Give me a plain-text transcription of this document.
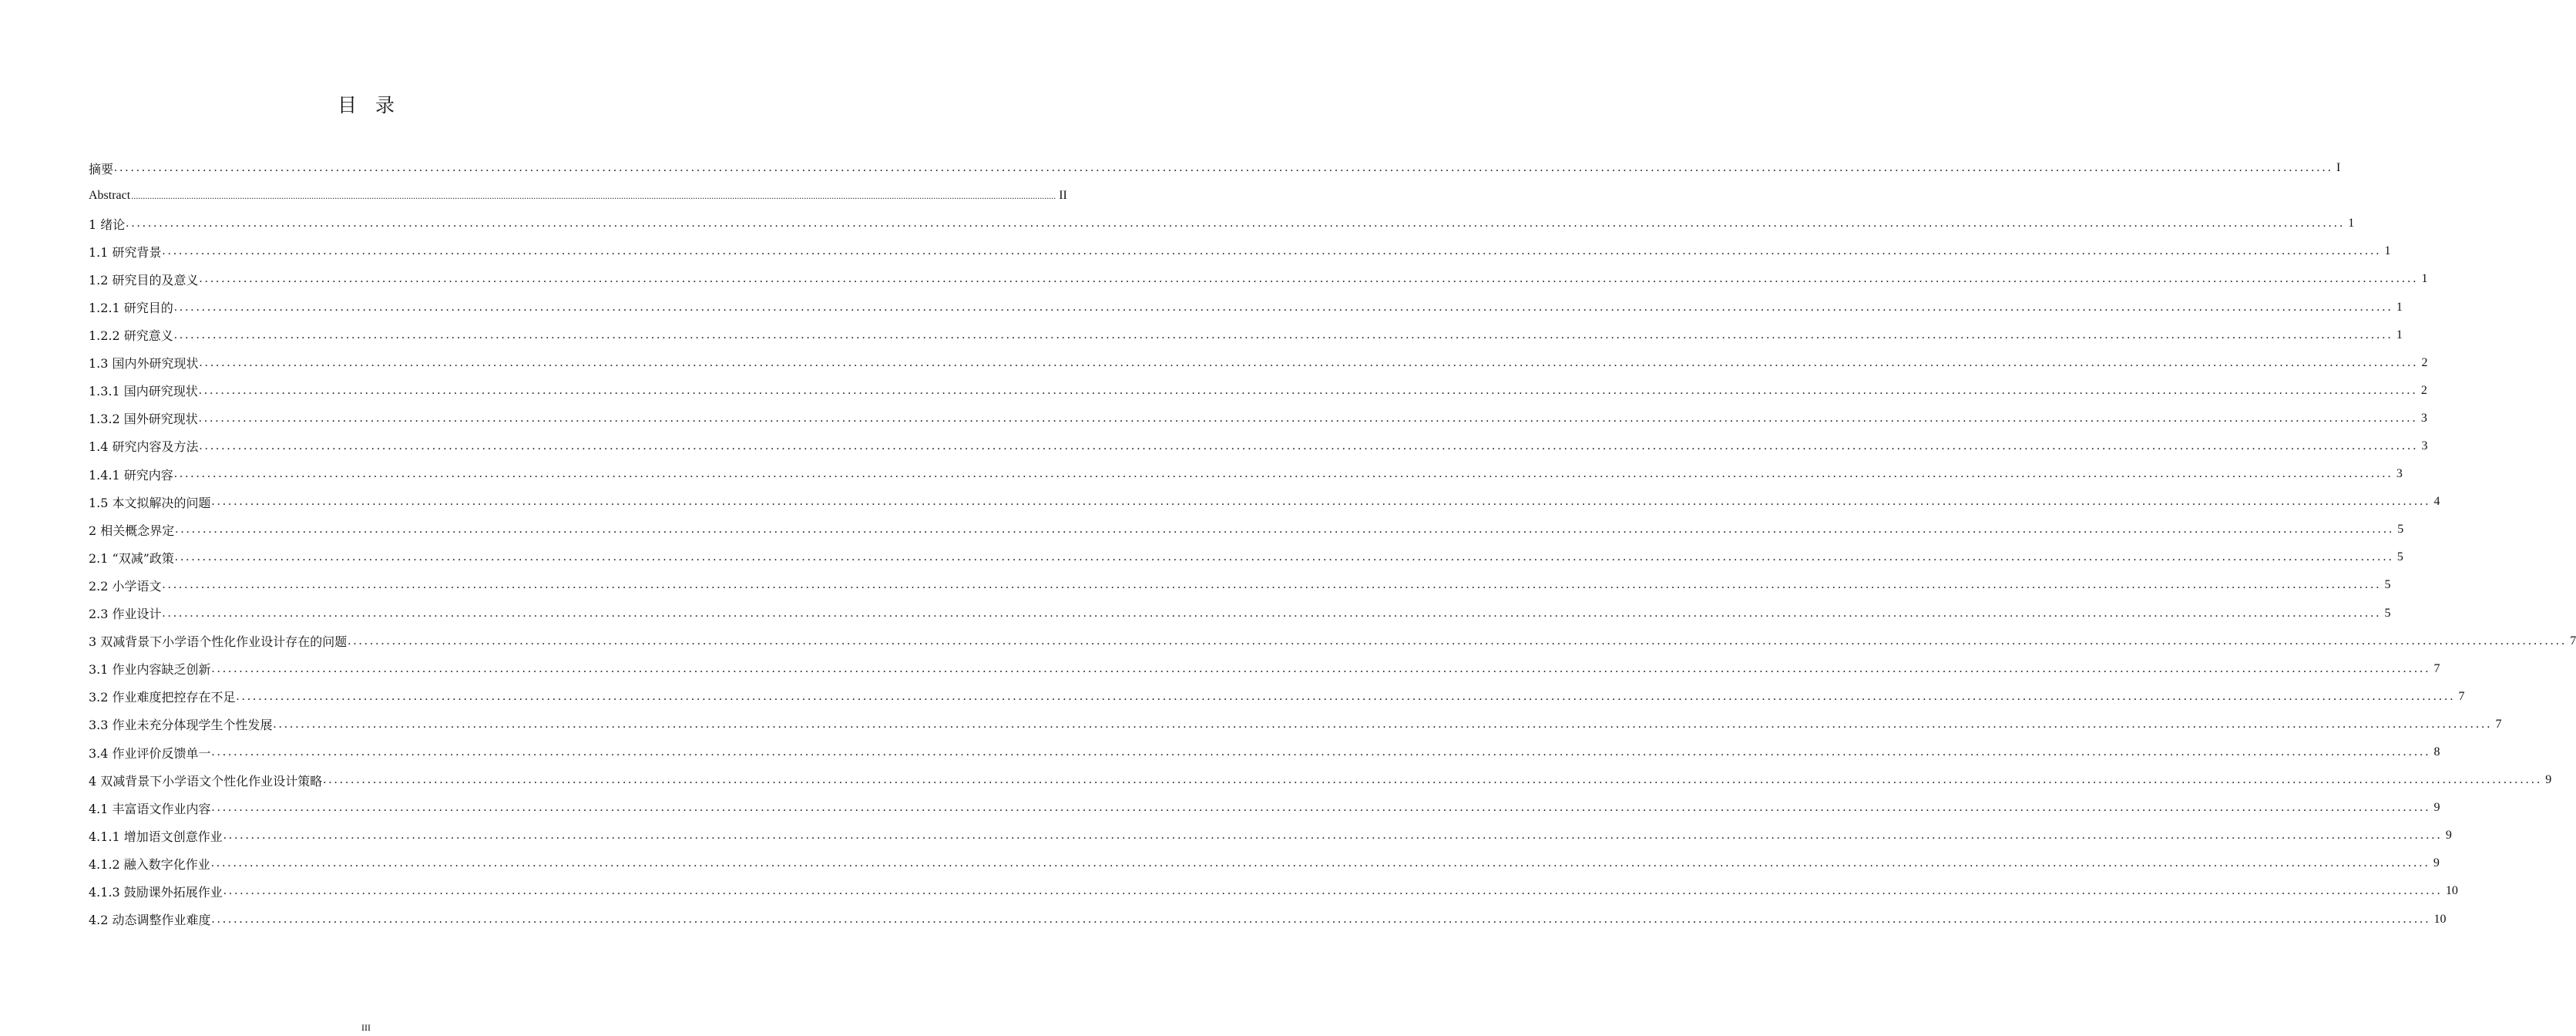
目录
摘要 ................................................................................................................................................................................................................................................................................................................................................................................................................ I
Abstract ................................................................................................................................................................................................................................................................................................................................................................................................................ II
1 绪论 ................................................................................................................................................................................................................................................................................................................................................................................................................ 1
1.1 研究背景 ................................................................................................................................................................................................................................................................................................................................................................................................................ 1
1.2 研究目的及意义 ................................................................................................................................................................................................................................................................................................................................................................................................................ 1
1.2.1 研究目的 ................................................................................................................................................................................................................................................................................................................................................................................................................ 1
1.2.2 研究意义 ................................................................................................................................................................................................................................................................................................................................................................................................................ 1
1.3 国内外研究现状 ................................................................................................................................................................................................................................................................................................................................................................................................................ 2
1.3.1 国内研究现状 ................................................................................................................................................................................................................................................................................................................................................................................................................ 2
1.3.2 国外研究现状 ................................................................................................................................................................................................................................................................................................................................................................................................................ 3
1.4 研究内容及方法 ................................................................................................................................................................................................................................................................................................................................................................................................................ 3
1.4.1 研究内容 ................................................................................................................................................................................................................................................................................................................................................................................................................ 3
1.5 本文拟解决的问题 ................................................................................................................................................................................................................................................................................................................................................................................................................ 4
2 相关概念界定 ................................................................................................................................................................................................................................................................................................................................................................................................................ 5
2.1 “双减”政策 ................................................................................................................................................................................................................................................................................................................................................................................................................ 5
2.2 小学语文 ................................................................................................................................................................................................................................................................................................................................................................................................................ 5
2.3 作业设计 ................................................................................................................................................................................................................................................................................................................................................................................................................ 5
3 双减背景下小学语个性化作业设计存在的问题 ................................................................................................................................................................................................................................................................................................................................................................................................................ 7
3.1 作业内容缺乏创新 ................................................................................................................................................................................................................................................................................................................................................................................................................ 7
3.2 作业难度把控存在不足 ................................................................................................................................................................................................................................................................................................................................................................................................................ 7
3.3 作业未充分体现学生个性发展 ................................................................................................................................................................................................................................................................................................................................................................................................................ 7
3.4 作业评价反馈单一 ................................................................................................................................................................................................................................................................................................................................................................................................................ 8
4 双减背景下小学语文个性化作业设计策略 ................................................................................................................................................................................................................................................................................................................................................................................................................ 9
4.1 丰富语文作业内容 ................................................................................................................................................................................................................................................................................................................................................................................................................ 9
4.1.1 增加语文创意作业 ................................................................................................................................................................................................................................................................................................................................................................................................................ 9
4.1.2 融入数字化作业 ................................................................................................................................................................................................................................................................................................................................................................................................................ 9
4.1.3 鼓励课外拓展作业 ................................................................................................................................................................................................................................................................................................................................................................................................................ 10
4.2 动态调整作业难度 ................................................................................................................................................................................................................................................................................................................................................................................................................ 10
III
